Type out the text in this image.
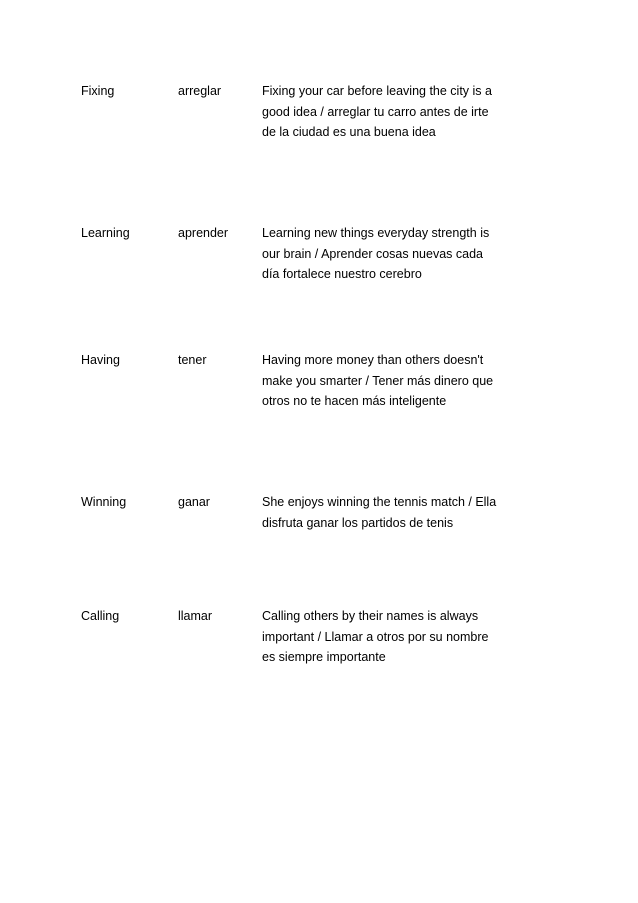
Fixing	arreglar	Fixing your car before leaving the city is a
good idea / arreglar tu carro antes de irte
de la ciudad es una buena idea
Learning	aprender	Learning new things everyday strength is
our brain / Aprender cosas nuevas cada
día fortalece nuestro cerebro
Having	tener	Having more money than others doesn't
make you smarter / Tener más dinero que
otros no te hacen más inteligente
Winning	ganar	She enjoys winning the tennis match / Ella
disfruta ganar los partidos de tenis
Calling	llamar	Calling others by their names is always
important / Llamar a otros por su nombre
es siempre importante
